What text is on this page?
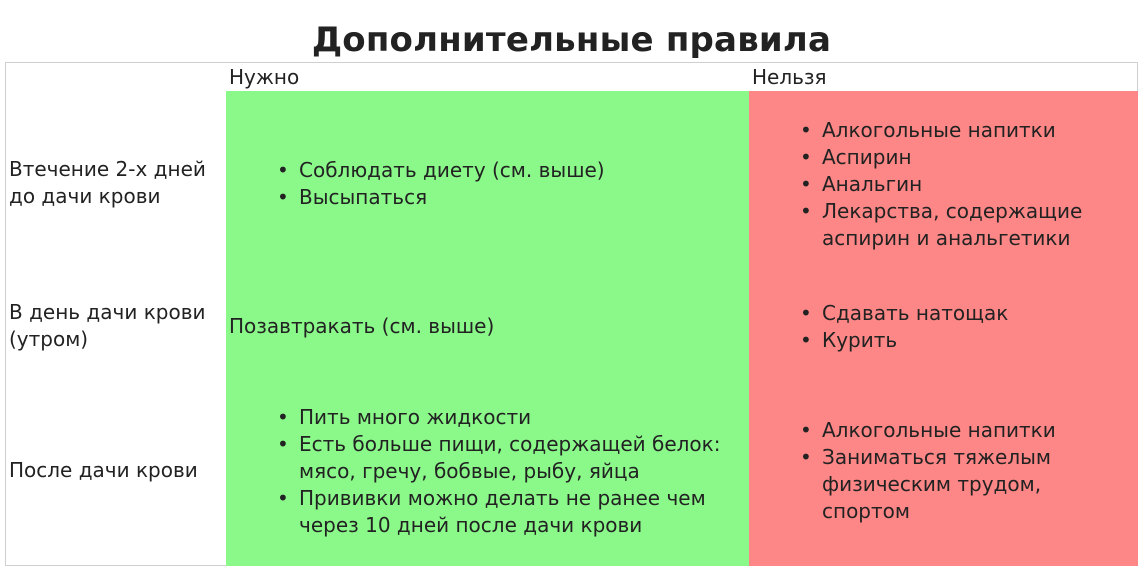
Дополнительные правила
Нужно	Нельзя
Втечение 2-х дней до дачи крови
• Соблюдать диету (см. выше)
• Высыпаться
• Алкогольные напитки
• Аспирин
• Анальгин
• Лекарства, содержащие аспирин и анальгетики
В день дачи крови (утром)
Позавтракать (см. выше)
• Сдавать натощак
• Курить
После дачи крови
• Пить много жидкости
• Есть больше пищи, содержащей белок: мясо, гречу, бобвые, рыбу, яйца
• Прививки можно делать не ранее чем через 10 дней после дачи крови
• Алкогольные напитки
• Заниматься тяжелым физическим трудом, спортом
